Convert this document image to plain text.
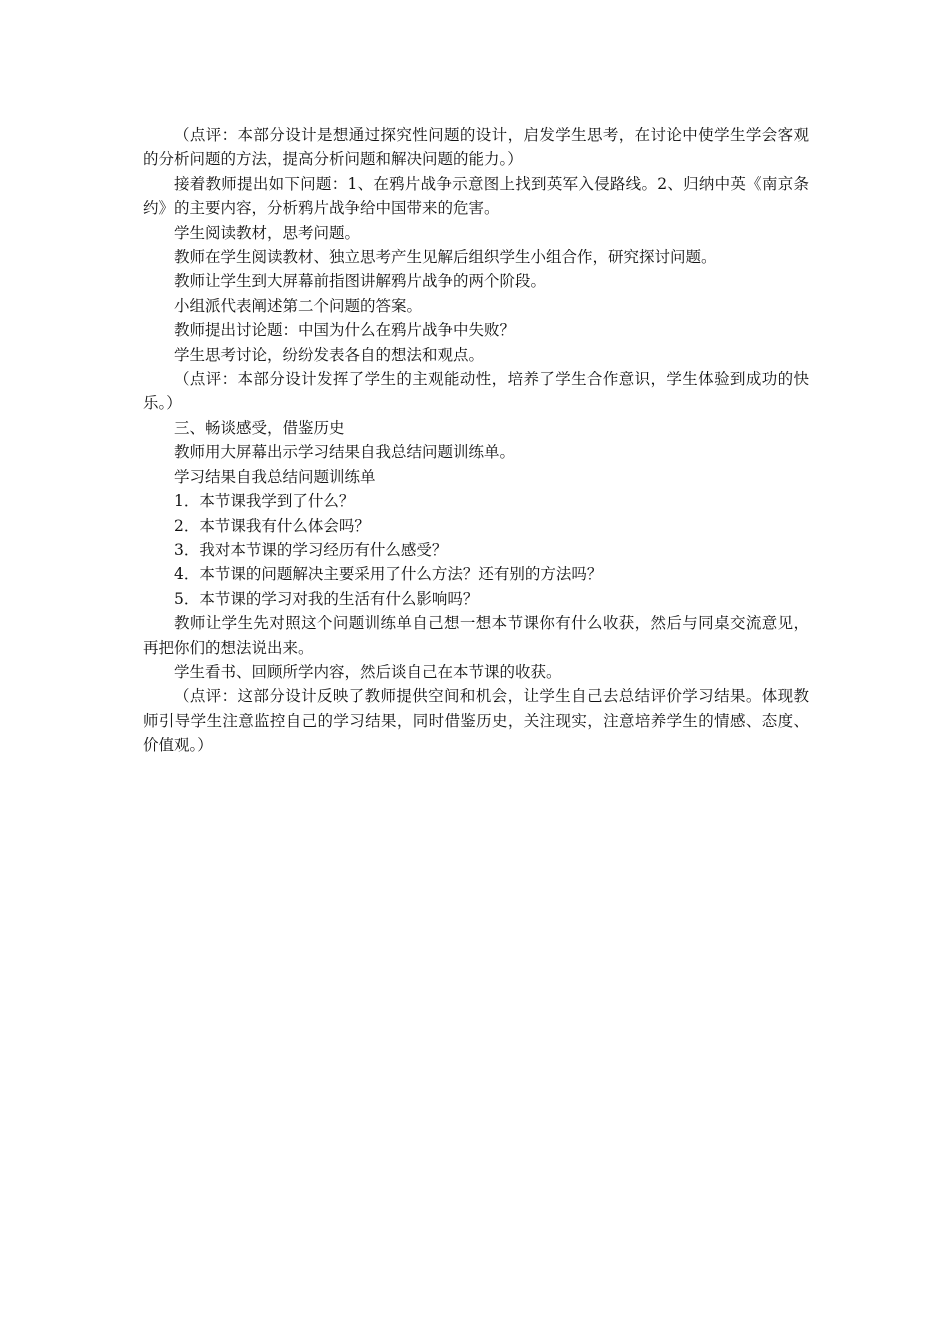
（点评：本部分设计是想通过探究性问题的设计，启发学生思考，在讨论中使学生学会客观的分析问题的方法，提高分析问题和解决问题的能力。）

接着教师提出如下问题：1、在鸦片战争示意图上找到英军入侵路线。2、归纳中英《南京条约》的主要内容，分析鸦片战争给中国带来的危害。

学生阅读教材，思考问题。

教师在学生阅读教材、独立思考产生见解后组织学生小组合作，研究探讨问题。

教师让学生到大屏幕前指图讲解鸦片战争的两个阶段。

小组派代表阐述第二个问题的答案。

教师提出讨论题：中国为什么在鸦片战争中失败？

学生思考讨论，纷纷发表各自的想法和观点。

（点评：本部分设计发挥了学生的主观能动性，培养了学生合作意识，学生体验到成功的快乐。）

三、畅谈感受，借鉴历史

教师用大屏幕出示学习结果自我总结问题训练单。

学习结果自我总结问题训练单

1．本节课我学到了什么？

2．本节课我有什么体会吗？

3．我对本节课的学习经历有什么感受？

4．本节课的问题解决主要采用了什么方法？还有别的方法吗？

5．本节课的学习对我的生活有什么影响吗？

教师让学生先对照这个问题训练单自己想一想本节课你有什么收获，然后与同桌交流意见，再把你们的想法说出来。

学生看书、回顾所学内容，然后谈自己在本节课的收获。

（点评：这部分设计反映了教师提供空间和机会，让学生自己去总结评价学习结果。体现教师引导学生注意监控自己的学习结果，同时借鉴历史，关注现实，注意培养学生的情感、态度、价值观。）
